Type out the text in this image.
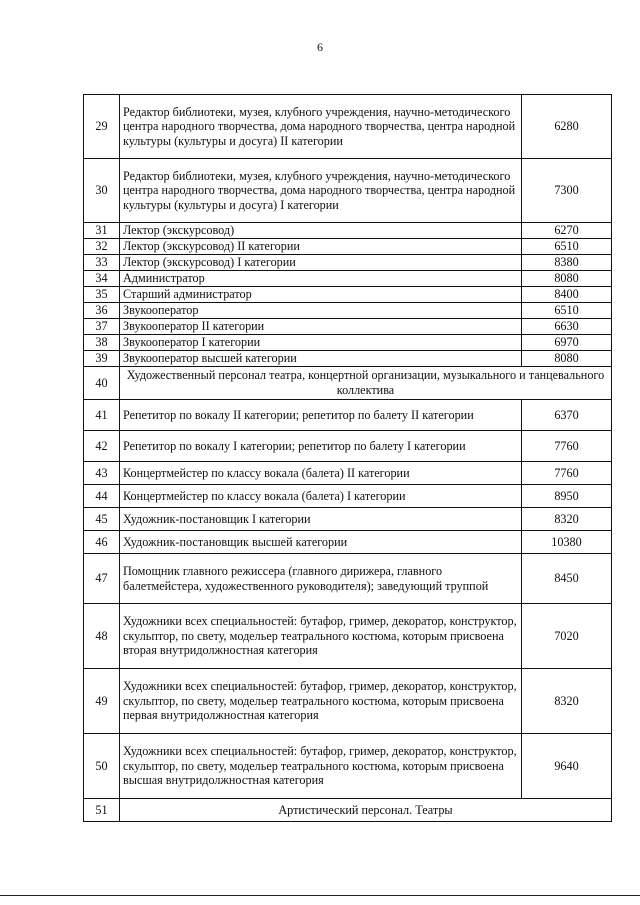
6
29	Редактор библиотеки, музея, клубного учреждения, научно-методического центра народного творчества, дома народного творчества, центра народной культуры (культуры и досуга) II категории	6280
30	Редактор библиотеки, музея, клубного учреждения, научно-методического центра народного творчества, дома народного творчества, центра народной культуры (культуры и досуга) I категории	7300
31	Лектор (экскурсовод)	6270
32	Лектор (экскурсовод) II категории	6510
33	Лектор (экскурсовод) I категории	8380
34	Администратор	8080
35	Старший администратор	8400
36	Звукооператор	6510
37	Звукооператор II категории	6630
38	Звукооператор I категории	6970
39	Звукооператор высшей категории	8080
40	Художественный персонал театра, концертной организации, музыкального и танцевального коллектива	
41	Репетитор по вокалу II категории; репетитор по балету II категории	6370
42	Репетитор по вокалу I категории; репетитор по балету I категории	7760
43	Концертмейстер по классу вокала (балета) II категории	7760
44	Концертмейстер по классу вокала (балета) I категории	8950
45	Художник-постановщик I категории	8320
46	Художник-постановщик высшей категории	10380
47	Помощник главного режиссера (главного дирижера, главного балетмейстера, художественного руководителя); заведующий труппой	8450
48	Художники всех специальностей: бутафор, гример, декоратор, конструктор, скульптор, по свету, модельер театрального костюма, которым присвоена вторая внутридолжностная категория	7020
49	Художники всех специальностей: бутафор, гример, декоратор, конструктор, скульптор, по свету, модельер театрального костюма, которым присвоена первая внутридолжностная категория	8320
50	Художники всех специальностей: бутафор, гример, декоратор, конструктор, скульптор, по свету, модельер театрального костюма, которым присвоена высшая внутридолжностная категория	9640
51	Артистический персонал. Театры	
